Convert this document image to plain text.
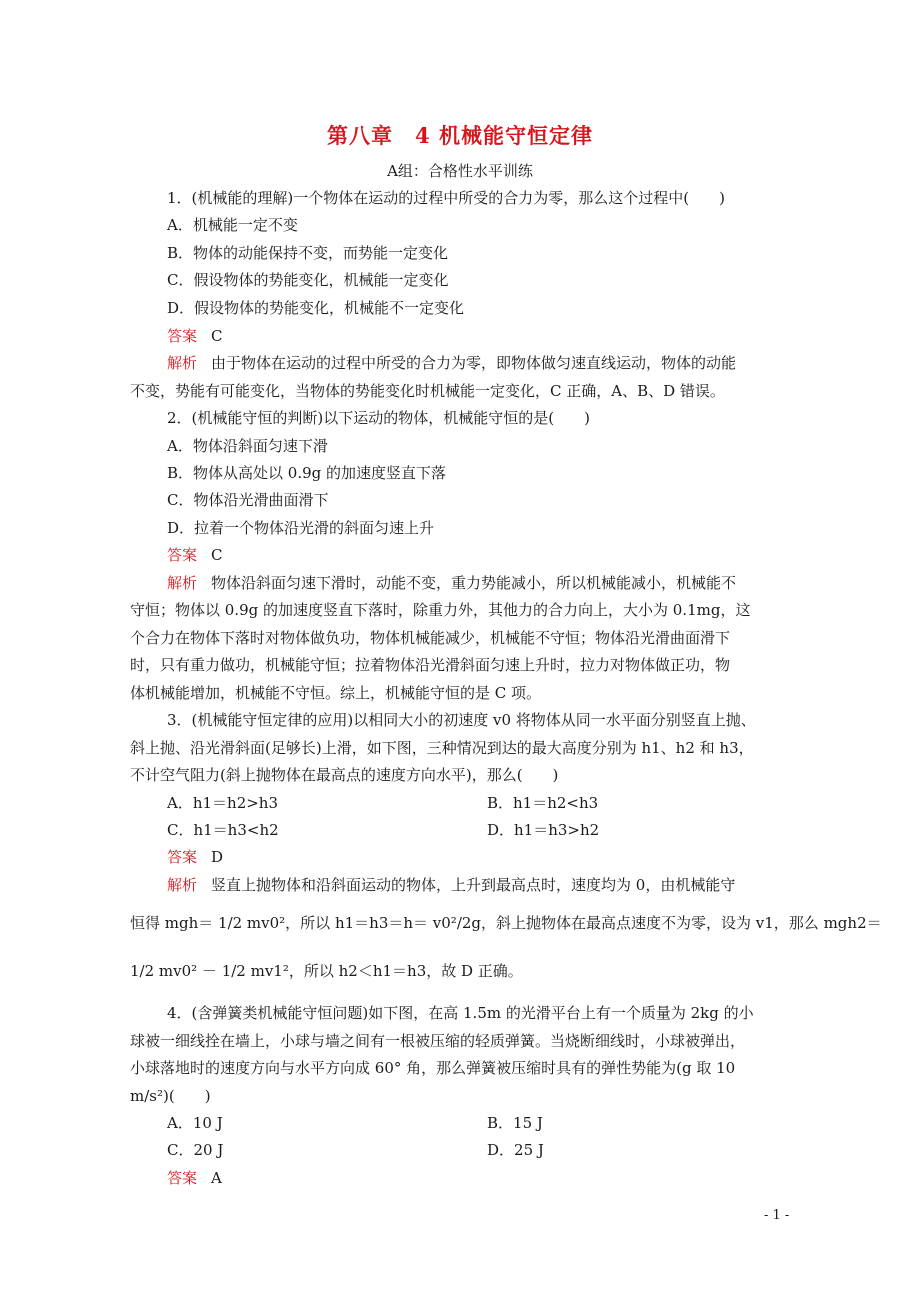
第八章　4 机械能守恒定律
A组：合格性水平训练
1．(机械能的理解)一个物体在运动的过程中所受的合力为零，那么这个过程中(　　)
A．机械能一定不变
B．物体的动能保持不变，而势能一定变化
C．假设物体的势能变化，机械能一定变化
D．假设物体的势能变化，机械能不一定变化
答案 C
解析 由于物体在运动的过程中所受的合力为零，即物体做匀速直线运动，物体的动能
不变，势能有可能变化，当物体的势能变化时机械能一定变化，C 正确，A、B、D 错误。
2．(机械能守恒的判断)以下运动的物体，机械能守恒的是(　　)
A．物体沿斜面匀速下滑
B．物体从高处以 0.9g 的加速度竖直下落
C．物体沿光滑曲面滑下
D．拉着一个物体沿光滑的斜面匀速上升
答案 C
解析 物体沿斜面匀速下滑时，动能不变，重力势能减小，所以机械能减小，机械能不
守恒；物体以 0.9g 的加速度竖直下落时，除重力外，其他力的合力向上，大小为 0.1mg，这
个合力在物体下落时对物体做负功，物体机械能减少，机械能不守恒；物体沿光滑曲面滑下
时，只有重力做功，机械能守恒；拉着物体沿光滑斜面匀速上升时，拉力对物体做正功，物
体机械能增加，机械能不守恒。综上，机械能守恒的是 C 项。
3．(机械能守恒定律的应用)以相同大小的初速度 v0 将物体从同一水平面分别竖直上抛、
斜上抛、沿光滑斜面(足够长)上滑，如下图，三种情况到达的最大高度分别为 h1、h2 和 h3，
不计空气阻力(斜上抛物体在最高点的速度方向水平)，那么(　　)
A．h1＝h2>h3	B．h1＝h2<h3
C．h1＝h3<h2	D．h1＝h3>h2
答案 D
解析 竖直上抛物体和沿斜面运动的物体，上升到最高点时，速度均为 0，由机械能守
恒得 mgh＝ 1/2 mv0²，所以 h1＝h3＝h＝ v0²/2g，斜上抛物体在最高点速度不为零，设为 v1，那么 mgh2＝
1/2 mv0² － 1/2 mv1²，所以 h2＜h1＝h3，故 D 正确。
4．(含弹簧类机械能守恒问题)如下图，在高 1.5m 的光滑平台上有一个质量为 2kg 的小
球被一细线拴在墙上，小球与墙之间有一根被压缩的轻质弹簧。当烧断细线时，小球被弹出，
小球落地时的速度方向与水平方向成 60° 角，那么弹簧被压缩时具有的弹性势能为(g 取 10
m/s²)(　　)
A．10 J	B．15 J
C．20 J	D．25 J
答案 A
- 1 -
